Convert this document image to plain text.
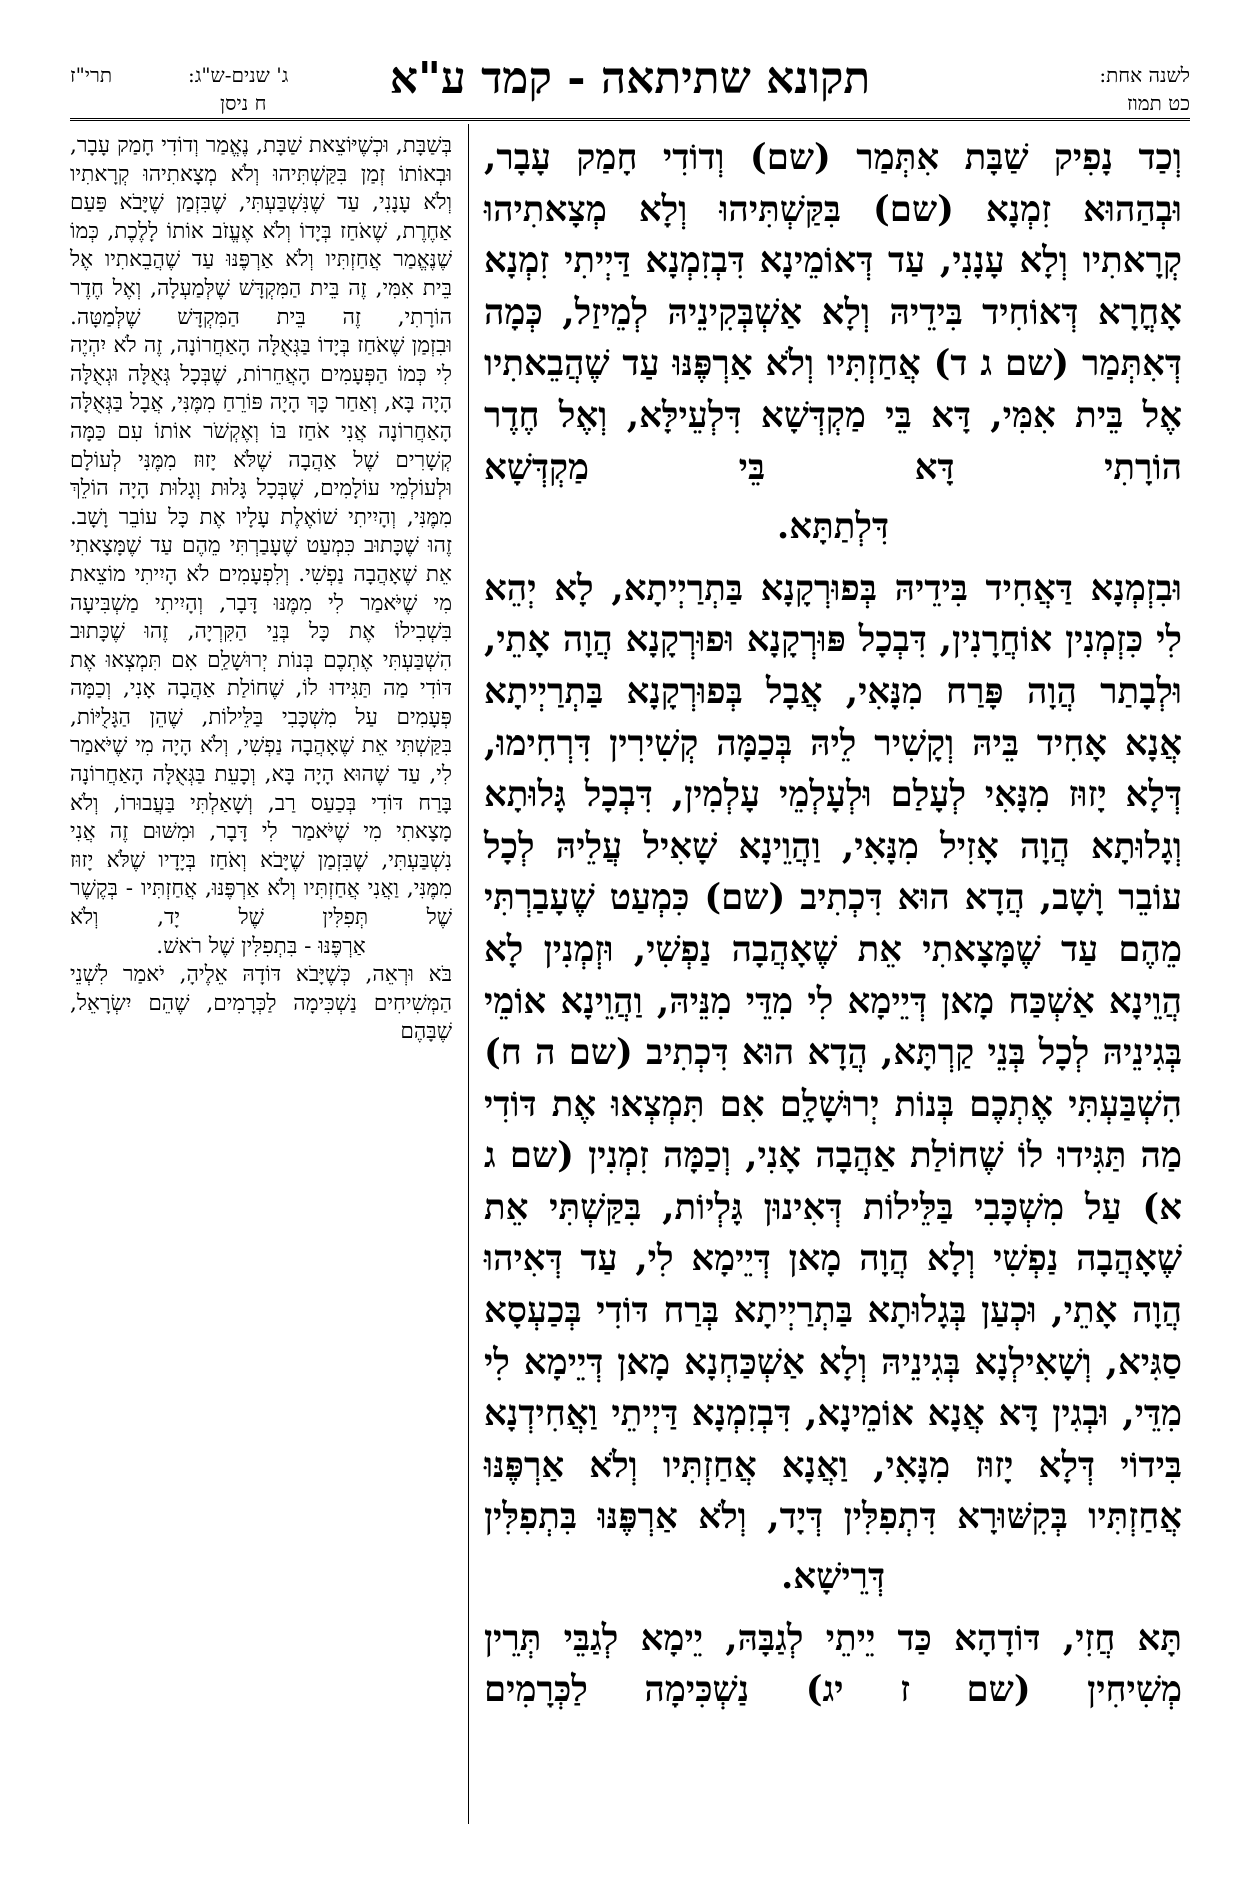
לשנה אחת:
כט תמוז
תקונא שתיתאה - קמד ע"א
תרי"ז	ג' שנים-ש"ג:
ח ניסן

וְכַד נָפִיק שַׁבָּת אִתְּמַר (שם) וְדוֹדִי חָמַק עָבָר, וּבְהַהוּא זִמְנָא (שם) בִּקַּשְׁתִּיהוּ וְלָא מְצָאתִיהוּ קְרָאתִיו וְלָא עָנָנִי, עַד דְּאוֹמֵינָא דִּבְזִמְנָא דַּיְיתִי זִמְנָא אָחֳרָא דְּאוֹחִיד בִּידֵיהּ וְלָא אַשְׁבְּקִינֵיהּ לְמֵיזַל, כְּמָה דְּאִתְּמַר (שם ג ד) אֲחַזְתִּיו וְלֹא אַרְפֶּנּוּ עַד שֶׁהֲבֵאתִיו אֶל בֵּית אִמִּי, דָּא בֵּי מַקְדְּשָׁא דִּלְעֵילָּא, וְאֶל חֶדֶר הוֹרָתִי דָּא בֵּי מַקְדְּשָׁא

דִּלְתַתָּא.

וּבִזְמְנָא דַּאֲחִיד בִּידֵיהּ בְּפוּרְקָנָא בַּתְרַיְיתָא, לָא יְהֵא לִי כִּזְמְנִין אוֹחֲרָנִין, דִּבְכָל פּוּרְקָנָא וּפוּרְקָנָא הֲוָה אָתֵי, וּלְבָתַר הֲוָה פָּרַח מִנָּאִי, אֲבָל בְּפוּרְקָנָא בַּתְרַיְיתָא אֲנָא אָחִיד בֵּיהּ וְקָשִׁיר לֵיהּ בְּכַמָּה קְשִׁירִין דִּרְחִימוּ, דְּלָא יָזוּז מִנָּאִי לְעָלַם וּלְעָלְמֵי עָלְמִין, דִּבְכָל גָּלוּתָא וְגָלוּתָא הֲוָה אָזִיל מִנָּאִי, וַהֲוֵינָא שָׁאִיל עֲלֵיהּ לְכָל עוֹבֵר וָשָׁב, הֲדָא הוּא דִּכְתִיב (שם) כִּמְעַט שֶׁעָבַרְתִּי מֵהֶם עַד שֶׁמָּצָאתִי אֵת שֶׁאָהֲבָה נַפְשִׁי, וּזְמְנִין לָא הֲוֵינָא אַשְׁכַּח מָאן דְּיֵימָא לִי מִדֵּי מִנֵּיהּ, וַהֲוֵינָא אוֹמֵי בְּגִינֵיהּ לְכָל בְּנֵי קַרְתָּא, הֲדָא הוּא דִּכְתִיב (שם ה ח) הִשְׁבַּעְתִּי אֶתְכֶם בְּנוֹת יְרוּשָׁלִָם אִם תִּמְצְאוּ אֶת דּוֹדִי מַה תַּגִּידוּ לוֹ שֶׁחוֹלַת אַהֲבָה אָנִי, וְכַמָּה זִמְנִין (שם ג א) עַל מִשְׁכָּבִי בַּלֵּילוֹת דְּאִינוּן גָּלְיוֹת, בִּקַּשְׁתִּי אֵת שֶׁאָהֲבָה נַפְשִׁי וְלָא הֲוָה מָאן דְּיֵימָא לִי, עַד דְּאִיהוּ הֲוָה אָתֵי, וּכְעַן בְּגָלוּתָא בַּתְרַיְיתָא בְּרַח דּוֹדִי בְּכַעְסָא סַגִּיא, וְשָׁאִילְנָא בְּגִינֵיהּ וְלָא אַשְׁכַּחְנָא מָאן דְּיֵימָא לִי מִדֵּי, וּבְגִין דָּא אֲנָא אוֹמֵינָא, דִּבְזִמְנָא דַּיְיתֵי וַאֲחִידְנָא בִּידוֹי דְּלָא יָזוּז מִנָּאִי, וַאֲנָא אֲחַזְתִּיו וְלֹא אַרְפֶּנּוּ אֲחַזְתִּיו בְּקִשּׁוּרָא דִּתְפִלִּין דְּיָד, וְלֹא אַרְפֶּנּוּ בִּתְפִלִּין

דְּרֵישָׁא.

תָּא חֲזִי, דּוֹדָהָא כַּד יֵיתֵי לְגַבָּהּ, יֵימָא לְגַבֵּי תְּרֵין מְשִׁיחִין (שם ז יג) נַשְׁכִּימָה לַכְּרָמִים

בְּשַׁבָּת, וּכְשֶׁיּוֹצֵאת שַׁבָּת, נֶאֱמַר וְדוֹדִי חָמַק עָבָר, וּבְאוֹתוֹ זְמַן בִּקַּשְׁתִּיהוּ וְלֹא מְצָאתִיהוּ קְרָאתִיו וְלֹא עָנָנִי, עַד שֶׁנִּשְׁבַּעְתִּי, שֶׁבִּזְמַן שֶׁיָּבֹא פַּעַם אַחֶרֶת, שֶׁאֹחַז בְּיָדוֹ וְלֹא אֶעֱזֹב אוֹתוֹ לָלֶכֶת, כְּמוֹ שֶׁנֶּאֱמַר אֲחַזְתִּיו וְלֹא אַרְפֶּנּוּ עַד שֶׁהֲבֵאתִיו אֶל בֵּית אִמִּי, זֶה בֵּית הַמִּקְדָּשׁ שֶׁלְּמַעְלָה, וְאֶל חֶדֶר הוֹרָתִי, זֶה בֵּית הַמִּקְדָּשׁ שֶׁלְּמַטָּה.

וּבִזְמַן שֶׁאֹחַז בְּיָדוֹ בַּגְּאֻלָּה הָאַחֲרוֹנָה, זֶה לֹא יִהְיֶה לִי כְּמוֹ הַפְּעָמִים הָאֲחֵרוֹת, שֶׁבְּכָל גְּאֻלָּה וּגְאֻלָּה הָיָה בָּא, וְאַחַר כָּךְ הָיָה פּוֹרֵחַ מִמֶּנִּי, אֲבָל בַּגְּאֻלָּה הָאַחֲרוֹנָה אֲנִי אֹחַז בּוֹ וְאֶקְשֹׁר אוֹתוֹ עִם כַּמָּה קְשָׁרִים שֶׁל אַהֲבָה שֶׁלֹּא יָזוּז מִמֶּנִּי לְעוֹלָם וּלְעוֹלְמֵי עוֹלָמִים, שֶׁבְּכָל גָּלוּת וְגָלוּת הָיָה הוֹלֵךְ מִמֶּנִּי, וְהָיִיתִי שׁוֹאֶלֶת עָלָיו אֶת כָּל עוֹבֵר וָשָׁב. זֶהוּ שֶׁכָּתוּב כִּמְעַט שֶׁעָבַרְתִּי מֵהֶם עַד שֶׁמָּצָאתִי אֵת שֶׁאָהֲבָה נַפְשִׁי. וְלִפְעָמִים לֹא הָיִיתִי מוֹצֵאת מִי שֶׁיֹּאמַר לִי מִמֶּנּוּ דָּבָר, וְהָיִיתִי מַשְׁבִּיעָה בִּשְׁבִילוֹ אֶת כָּל בְּנֵי הַקִּרְיָה, זֶהוּ שֶׁכָּתוּב הִשְׁבַּעְתִּי אֶתְכֶם בְּנוֹת יְרוּשָׁלִַם אִם תִּמְצְאוּ אֶת דּוֹדִי מַה תַּגִּידוּ לוֹ, שֶׁחוֹלַת אַהֲבָה אָנִי, וְכַמָּה פְּעָמִים עַל מִשְׁכָּבִי בַּלֵּילוֹת, שֶׁהֵן הַגָּלֻיּוֹת, בִּקַּשְׁתִּי אֵת שֶׁאָהֲבָה נַפְשִׁי, וְלֹא הָיָה מִי שֶׁיֹּאמַר לִי, עַד שֶׁהוּא הָיָה בָּא, וְכָעֵת בַּגְּאֻלָּה הָאַחֲרוֹנָה בָּרַח דּוֹדִי בְּכַעַס רַב, וְשָׁאַלְתִּי בַּעֲבוּרוֹ, וְלֹא מָצָאתִי מִי שֶׁיֹּאמַר לִי דָּבָר, וּמִשּׁוּם זֶה אֲנִי נִשְׁבַּעְתִּי, שֶׁבִּזְמַן שֶׁיָּבֹא וְאֹחַז בְּיָדָיו שֶׁלֹּא יָזוּז מִמֶּנִּי, וַאֲנִי אֲחַזְתִּיו וְלֹא אַרְפֶּנּוּ, אֲחַזְתִּיו - בְּקֶשֶׁר שֶׁל תְּפִלִּין שֶׁל יָד, וְלֹא

אַרְפֶּנּוּ - בִּתְפִלִּין שֶׁל רֹאשׁ.

בֹּא וּרְאֵה, כְּשֶׁיָּבֹא דּוֹדָהּ אֵלֶיהָ, יֹאמַר לִשְׁנֵי הַמְּשִׁיחִים נַשְׁכִּימָה לַכְּרָמִים, שֶׁהֵם יִשְׂרָאֵל, שֶׁבָּהֶם
